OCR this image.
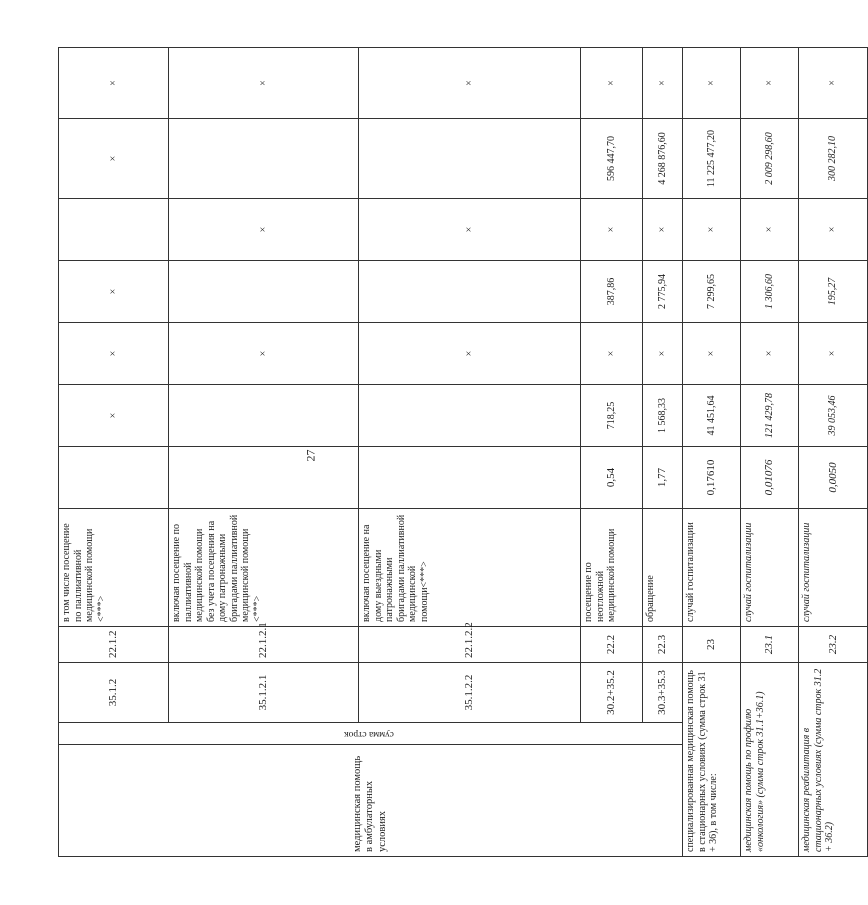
27
медицинская помощь в амбулаторных условиях	сумма строк	35.1.2	22.1.2	в том числе посещение по паллиативной медицинской помощи <***>		×	×	×		×	×
		35.1.2.1	22.1.2.1	включая посещение по паллиативной медицинской помощи без учета посещения на дому патронажными бригадами паллиативной медицинской помощи <***>			×		×		×
		35.1.2.2	22.1.2.2	включая посещение на дому выездными патронажными бригадами паллиативной медицинской помощи<***>			×		×		×
		30.2+35.2	22.2	посещение по неотложной медицинской помощи	0,54	718,25	×	387,86	×	596 447,70	×
		30.3+35.3	22.3	обращение	1,77	1 568,33	×	2 775,94	×	4 268 876,60	×
специализированная медицинская помощь в стационарных условиях (сумма строк 31 + 36), в том числе:			23	случай госпитализации	0,17610	41 451,64	×	7 299,65	×	11 225 477,20	×
медицинская помощь по профилю «онкология» (сумма строк 31.1+36.1)			23.1	случай госпитализации	0,01076	121 429,78	×	1 306,60	×	2 009 298,60	×
медицинская реабилитация в стационарных условиях (сумма строк 31.2 + 36.2)			23.2	случай госпитализации	0,0050	39 053,46	×	195,27	×	300 282,10	×
